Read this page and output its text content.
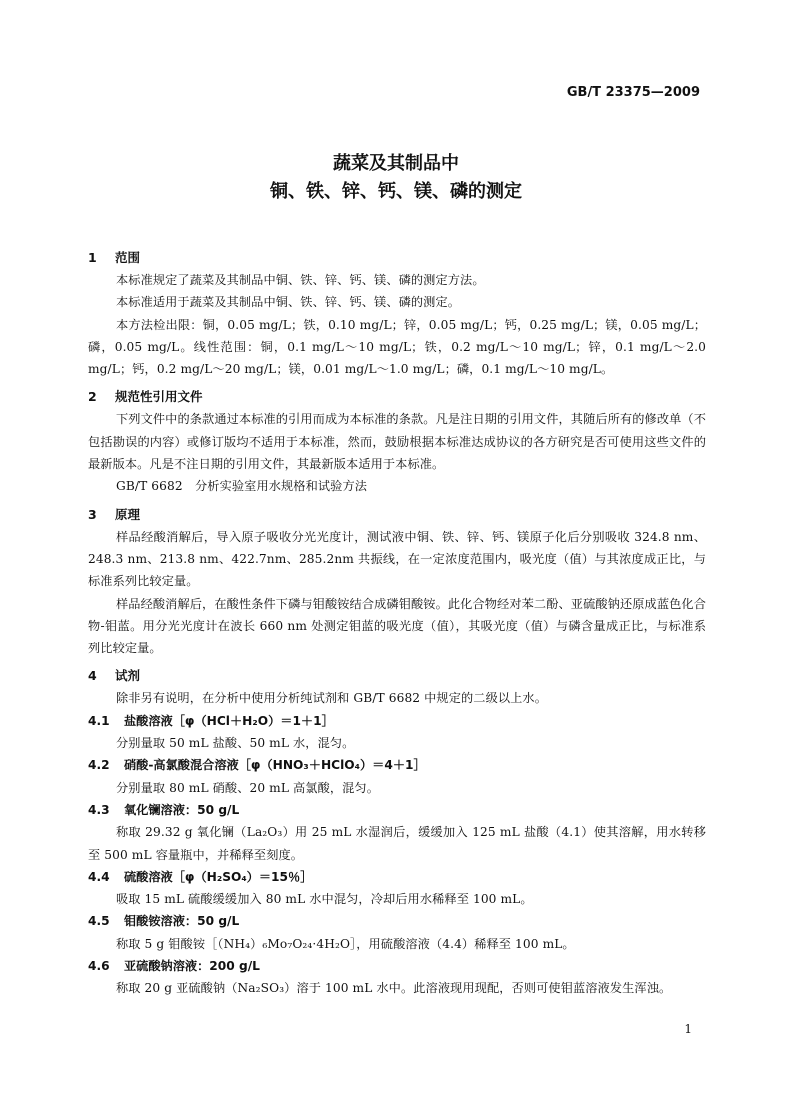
GB/T 23375—2009
蔬菜及其制品中
铜、铁、锌、钙、镁、磷的测定
1 范围
本标准规定了蔬菜及其制品中铜、铁、锌、钙、镁、磷的测定方法。
本标准适用于蔬菜及其制品中铜、铁、锌、钙、镁、磷的测定。
本方法检出限：铜，0.05 mg/L；铁，0.10 mg/L；锌，0.05 mg/L；钙，0.25 mg/L；镁，0.05 mg/L；磷，0.05 mg/L。线性范围：铜，0.1 mg/L～10 mg/L；铁，0.2 mg/L～10 mg/L；锌，0.1 mg/L～2.0 mg/L；钙，0.2 mg/L～20 mg/L；镁，0.01 mg/L～1.0 mg/L；磷，0.1 mg/L～10 mg/L。
2 规范性引用文件
下列文件中的条款通过本标准的引用而成为本标准的条款。凡是注日期的引用文件，其随后所有的修改单（不包括勘误的内容）或修订版均不适用于本标准，然而，鼓励根据本标准达成协议的各方研究是否可使用这些文件的最新版本。凡是不注日期的引用文件，其最新版本适用于本标准。
GB/T 6682　分析实验室用水规格和试验方法
3 原理
样品经酸消解后，导入原子吸收分光光度计，测试液中铜、铁、锌、钙、镁原子化后分别吸收 324.8 nm、248.3 nm、213.8 nm、422.7nm、285.2nm 共振线，在一定浓度范围内，吸光度（值）与其浓度成正比，与标准系列比较定量。
样品经酸消解后，在酸性条件下磷与钼酸铵结合成磷钼酸铵。此化合物经对苯二酚、亚硫酸钠还原成蓝色化合物-钼蓝。用分光光度计在波长 660 nm 处测定钼蓝的吸光度（值），其吸光度（值）与磷含量成正比，与标准系列比较定量。
4 试剂
除非另有说明，在分析中使用分析纯试剂和 GB/T 6682 中规定的二级以上水。
4.1 盐酸溶液［φ（HCl＋H₂O）＝1＋1］
分别量取 50 mL 盐酸、50 mL 水，混匀。
4.2 硝酸-高氯酸混合溶液［φ（HNO₃＋HClO₄）＝4＋1］
分别量取 80 mL 硝酸、20 mL 高氯酸，混匀。
4.3 氧化镧溶液：50 g/L
称取 29.32 g 氧化镧（La₂O₃）用 25 mL 水湿润后，缓缓加入 125 mL 盐酸（4.1）使其溶解，用水转移至 500 mL 容量瓶中，并稀释至刻度。
4.4 硫酸溶液［φ（H₂SO₄）＝15％］
吸取 15 mL 硫酸缓缓加入 80 mL 水中混匀，冷却后用水稀释至 100 mL。
4.5 钼酸铵溶液：50 g/L
称取 5 g 钼酸铵［（NH₄）₆Mo₇O₂₄·4H₂O］，用硫酸溶液（4.4）稀释至 100 mL。
4.6 亚硫酸钠溶液：200 g/L
称取 20 g 亚硫酸钠（Na₂SO₃）溶于 100 mL 水中。此溶液现用现配，否则可使钼蓝溶液发生浑浊。
1
